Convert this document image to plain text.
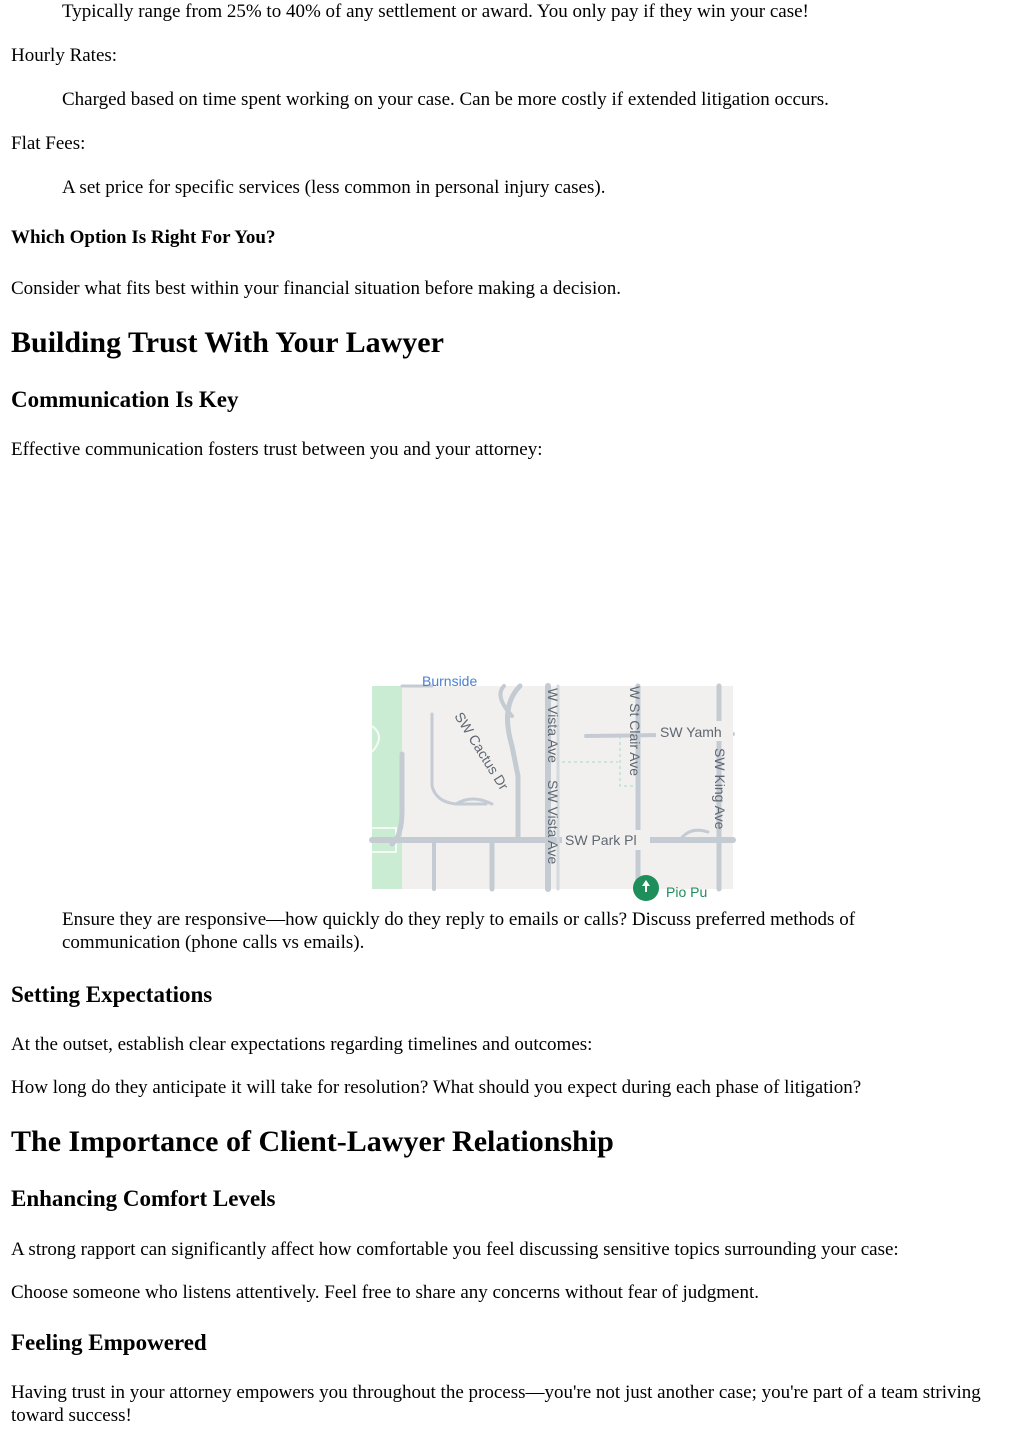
Typically range from 25% to 40% of any settlement or award. You only pay if they win your case!

Hourly Rates:

Charged based on time spent working on your case. Can be more costly if extended litigation occurs.

Flat Fees:

A set price for specific services (less common in personal injury cases).

Which Option Is Right For You?

Consider what fits best within your financial situation before making a decision.

Building Trust With Your Lawyer
Communication Is Key

Effective communication fosters trust between you and your attorney:

Burnside
SW Cactus Dr W Vista Ave
SW Vista Ave
W St Clair Ave SW Yamh
SW King Ave
SW Park Pl
Pio Pu

Ensure they are responsive—how quickly do they reply to emails or calls? Discuss preferred methods of communication (phone calls vs emails).

Setting Expectations

At the outset, establish clear expectations regarding timelines and outcomes:

How long do they anticipate it will take for resolution? What should you expect during each phase of litigation?

The Importance of Client-Lawyer Relationship
Enhancing Comfort Levels

A strong rapport can significantly affect how comfortable you feel discussing sensitive topics surrounding your case:

Choose someone who listens attentively. Feel free to share any concerns without fear of judgment.

Feeling Empowered

Having trust in your attorney empowers you throughout the process—you're not just another case; you're part of a team striving toward success!
